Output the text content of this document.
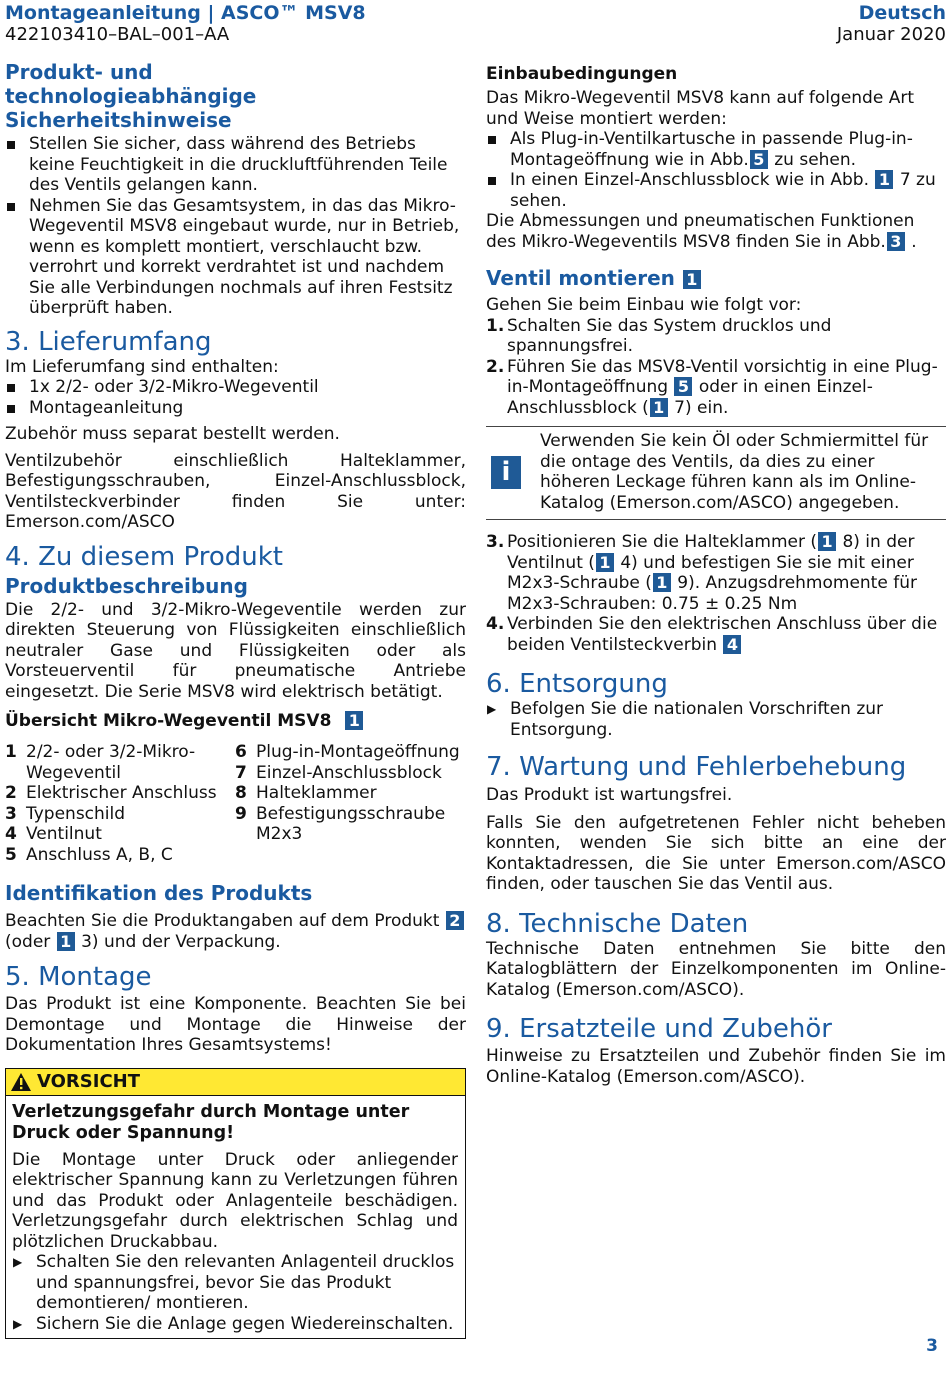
Montageanleitung | ASCO™ MSV8
422103410–BAL–001–AA
Deutsch
Januar 2020
Produkt- und technologieabhängige Sicherheitshinweise
Stellen Sie sicher, dass während des Betriebs keine Feuchtigkeit in die druckluftführenden Teile des Ventils gelangen kann.
Nehmen Sie das Gesamtsystem, in das das Mikro-Wegeventil MSV8 eingebaut wurde, nur in Betrieb, wenn es komplett montiert, verschlaucht bzw. verrohrt und korrekt verdrahtet ist und nachdem Sie alle Verbindungen nochmals auf ihren Festsitz überprüft haben.
3. Lieferumfang

Im Lieferumfang sind enthalten:

1x 2/2- oder 3/2-Mikro-Wegeventil
Montageanleitung

Zubehör muss separat bestellt werden.

Ventilzubehör einschließlich Halteklammer, Befestigungsschrauben, Einzel-Anschlussblock, Ventilsteckverbinder finden Sie unter: Emerson.com/ASCO

4. Zu diesem Produkt
Produktbeschreibung

Die 2/2- und 3/2-Mikro-Wegeventile werden zur direkten Steuerung von Flüssigkeiten einschließlich neutraler Gase und Flüssigkeiten oder als Vorsteuerventil für pneumatische Antriebe eingesetzt. Die Serie MSV8 wird elektrisch betätigt.

Übersicht Mikro-Wegeventil MSV8 1
1 2/2- oder 3/2-Mikro-Wegeventil
2 Elektrischer Anschluss
3 Typenschild
4 Ventilnut
5 Anschluss A, B, C
6 Plug-in-Montageöffnung
7 Einzel-Anschlussblock
8 Halteklammer
9 Befestigungsschraube M2x3
Identifikation des Produkts

Beachten Sie die Produktangaben auf dem Produkt 2 (oder 1 3) und der Verpackung.

5. Montage

Das Produkt ist eine Komponente. Beachten Sie bei Demontage und Montage die Hinweise der Dokumentation Ihres Gesamtsystems!

VORSICHT
Verletzungsgefahr durch Montage unter Druck oder Spannung!

Die Montage unter Druck oder anliegender elektrischer Spannung kann zu Verletzungen führen und das Produkt oder Anlagenteile beschädigen. Verletzungsgefahr durch elektrischen Schlag und plötzlichen Druckabbau.

▶ Schalten Sie den relevanten Anlagenteil drucklos und spannungsfrei, bevor Sie das Produkt demontieren/ montieren.
▶ Sichern Sie die Anlage gegen Wiedereinschalten.
Einbaubedingungen

Das Mikro-Wegeventil MSV8 kann auf folgende Art und Weise montiert werden:

Als Plug-in-Ventilkartusche in passende Plug-in-Montageöffnung wie in Abb. 5 zu sehen.
In einen Einzel-Anschlussblock wie in Abb. 1 7 zu sehen.

Die Abmessungen und pneumatischen Funktionen des Mikro-Wegeventils MSV8 finden Sie in Abb. 3 .

Ventil montieren 1

Gehen Sie beim Einbau wie folgt vor:

1. Schalten Sie das System drucklos und spannungsfrei.
2. Führen Sie das MSV8-Ventil vorsichtig in eine Plug-in-Montageöffnung 5 oder in einen Einzel-Anschlussblock ( 1 7) ein.
i
Verwenden Sie kein Öl oder Schmiermittel für die ontage des Ventils, da dies zu einer höheren Leckage führen kann als im Online-Katalog (Emerson.com/ASCO) angegeben.
3. Positionieren Sie die Halteklammer ( 1 8) in der Ventilnut ( 1 4) und befestigen Sie sie mit einer M2x3-Schraube ( 1 9). Anzugsdrehmomente für M2x3-Schrauben: 0.75 ± 0.25 Nm
4. Verbinden Sie den elektrischen Anschluss über die beiden Ventilsteckverbin 4
6. Entsorgung
▶ Befolgen Sie die nationalen Vorschriften zur Entsorgung.
7. Wartung und Fehlerbehebung

Das Produkt ist wartungsfrei.

Falls Sie den aufgetretenen Fehler nicht beheben konnten, wenden Sie sich bitte an eine der Kontaktadressen, die Sie unter Emerson.com/ASCO finden, oder tauschen Sie das Ventil aus.

8. Technische Daten

Technische Daten entnehmen Sie bitte den Katalogblättern der Einzelkomponenten im Online-Katalog (Emerson.com/ASCO).

9. Ersatzteile und Zubehör

Hinweise zu Ersatzteilen und Zubehör finden Sie im Online-Katalog (Emerson.com/ASCO).

3
